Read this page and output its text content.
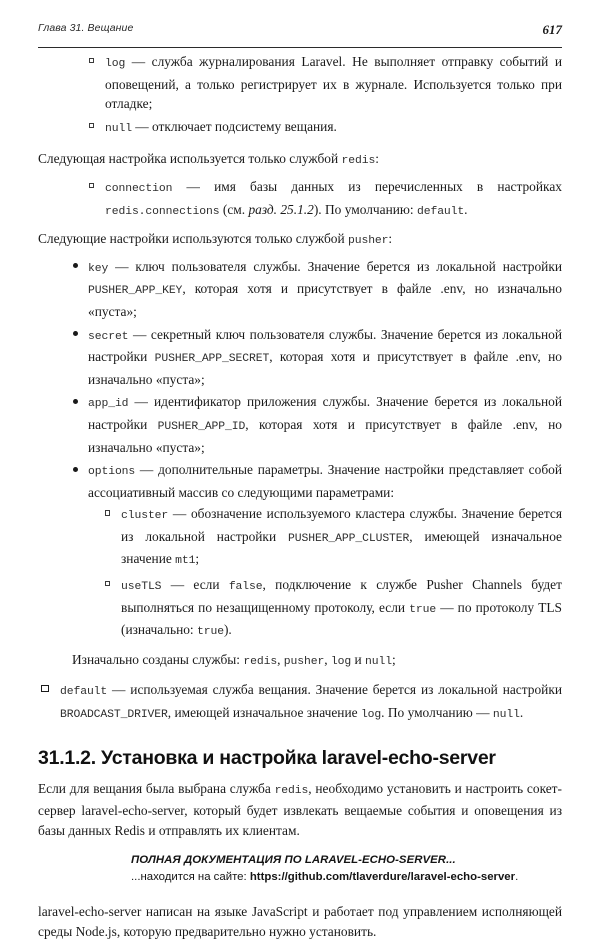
Глава 31. Вещание	617
log — служба журналирования Laravel. Не выполняет отправку событий и оповещений, а только регистрирует их в журнале. Используется только при отладке;
null — отключает подсистему вещания.

Следующая настройка используется только службой redis:

connection — имя базы данных из перечисленных в настройках redis.connections (см. разд. 25.1.2). По умолчанию: default.

Следующие настройки используются только службой pusher:

key — ключ пользователя службы. Значение берется из локальной настройки PUSHER_APP_KEY, которая хотя и присутствует в файле .env, но изначально «пуста»;
secret — секретный ключ пользователя службы. Значение берется из локальной настройки PUSHER_APP_SECRET, которая хотя и присутствует в файле .env, но изначально «пуста»;
app_id — идентификатор приложения службы. Значение берется из локальной настройки PUSHER_APP_ID, которая хотя и присутствует в файле .env, но изначально «пуста»;
options — дополнительные параметры. Значение настройки представляет собой ассоциативный массив со следующими параметрами:
cluster — обозначение используемого кластера службы. Значение берется из локальной настройки PUSHER_APP_CLUSTER, имеющей изначальное значение mt1;
useTLS — если false, подключение к службе Pusher Channels будет выполняться по незащищенному протоколу, если true — по протоколу TLS (изначально: true).

Изначально созданы службы: redis, pusher, log и null;

default — используемая служба вещания. Значение берется из локальной настройки BROADCAST_DRIVER, имеющей изначальное значение log. По умолчанию — null.
31.1.2. Установка и настройка laravel-echo-server

Если для вещания была выбрана служба redis, необходимо установить и настроить сокет-сервер laravel-echo-server, который будет извлекать вещаемые события и оповещения из базы данных Redis и отправлять их клиентам.

ПОЛНАЯ ДОКУМЕНТАЦИЯ ПО LARAVEL-ECHO-SERVER...
...находится на сайте: https://github.com/tlaverdure/laravel-echo-server.

laravel-echo-server написан на языке JavaScript и работает под управлением исполняющей среды Node.js, которую предварительно нужно установить.
